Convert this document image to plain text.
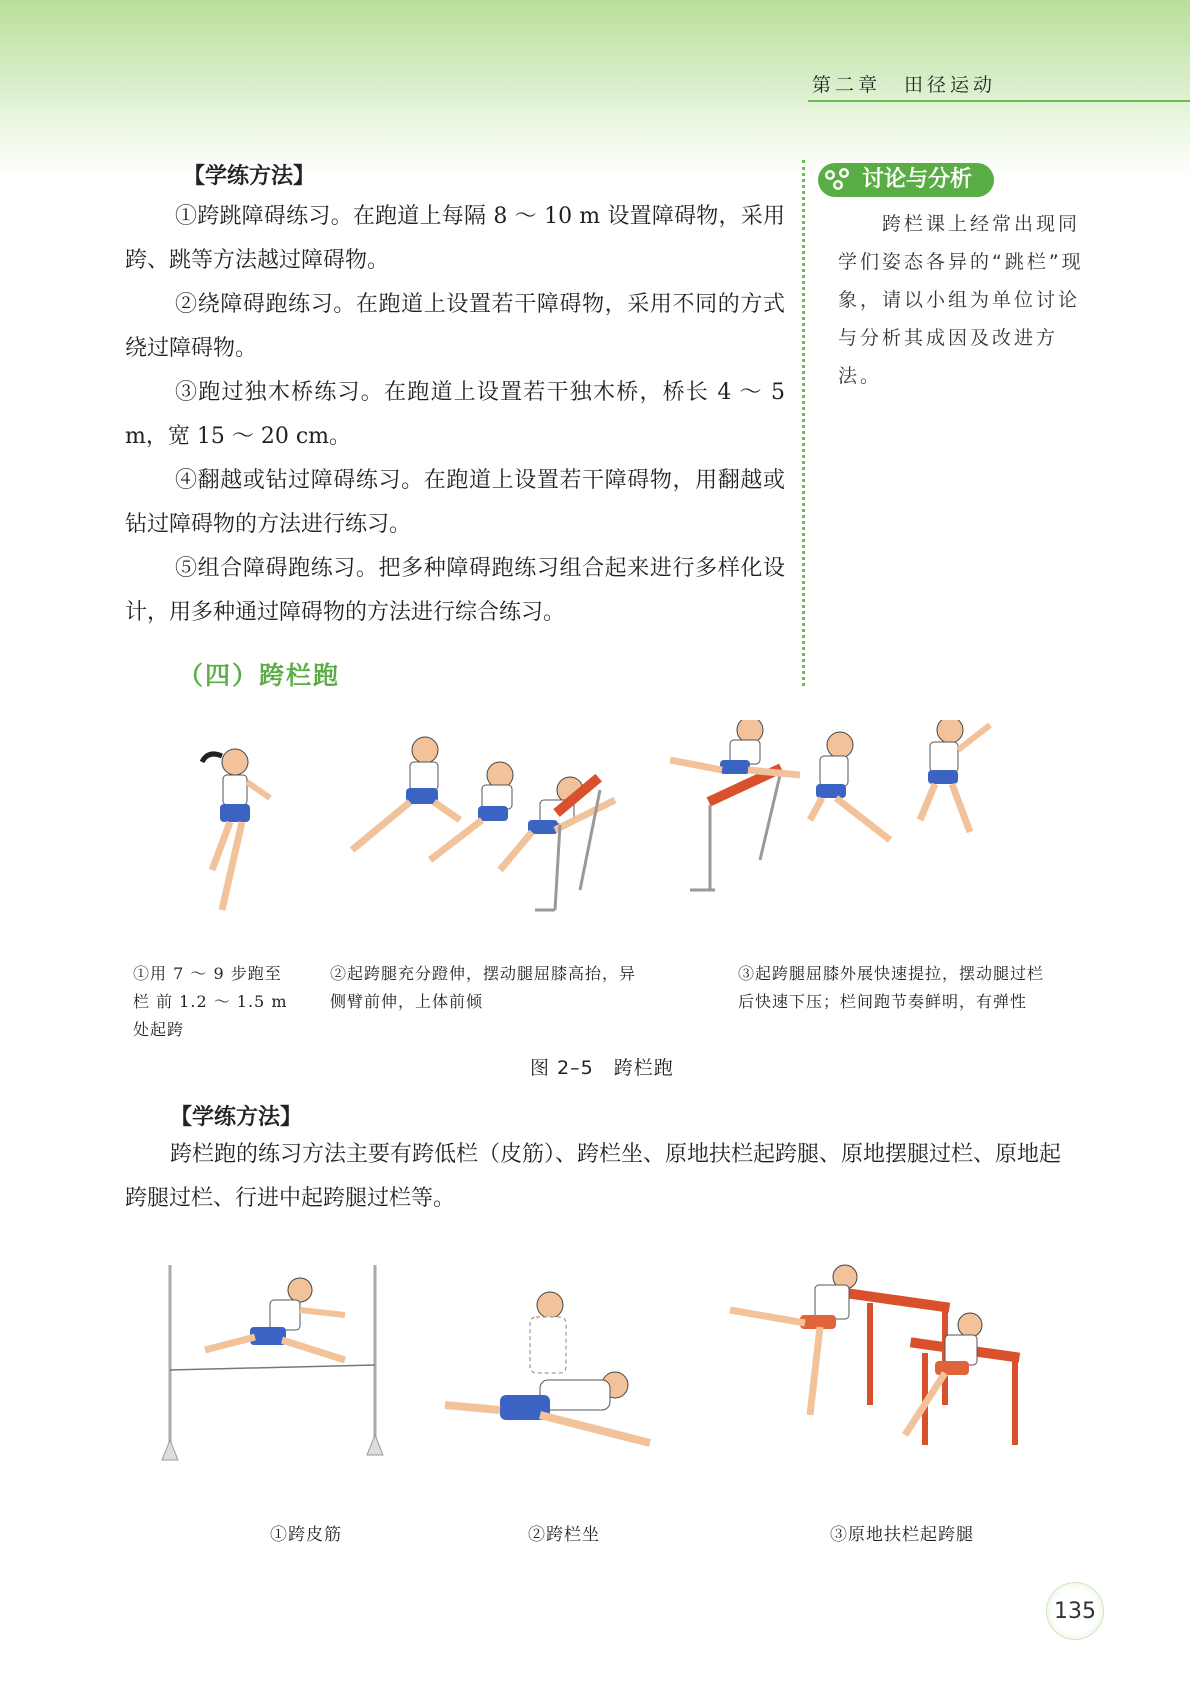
第二章　田径运动
【学练方法】

①跨跳障碍练习。在跑道上每隔 8 ～ 10 m 设置障碍物，采用跨、跳等方法越过障碍物。

②绕障碍跑练习。在跑道上设置若干障碍物，采用不同的方式绕过障碍物。

③跑过独木桥练习。在跑道上设置若干独木桥，桥长 4 ～ 5 m，宽 15 ～ 20 cm。

④翻越或钻过障碍练习。在跑道上设置若干障碍物，用翻越或钻过障碍物的方法进行练习。

⑤组合障碍跑练习。把多种障碍跑练习组合起来进行多样化设计，用多种通过障碍物的方法进行综合练习。

讨论与分析

跨栏课上经常出现同学们姿态各异的“跳栏”现象，请以小组为单位讨论与分析其成因及改进方法。

（四）跨栏跑
①用 7 ～ 9 步跑至栏 前 1.2 ～ 1.5 m 处起跨
②起跨腿充分蹬伸，摆动腿屈膝高抬，异侧臂前伸，上体前倾
③起跨腿屈膝外展快速提拉，摆动腿过栏后快速下压；栏间跑节奏鲜明，有弹性
图 2–5　跨栏跑
【学练方法】

跨栏跑的练习方法主要有跨低栏（皮筋）、跨栏坐、原地扶栏起跨腿、原地摆腿过栏、原地起跨腿过栏、行进中起跨腿过栏等。

①跨皮筋	②跨栏坐	③原地扶栏起跨腿
135
